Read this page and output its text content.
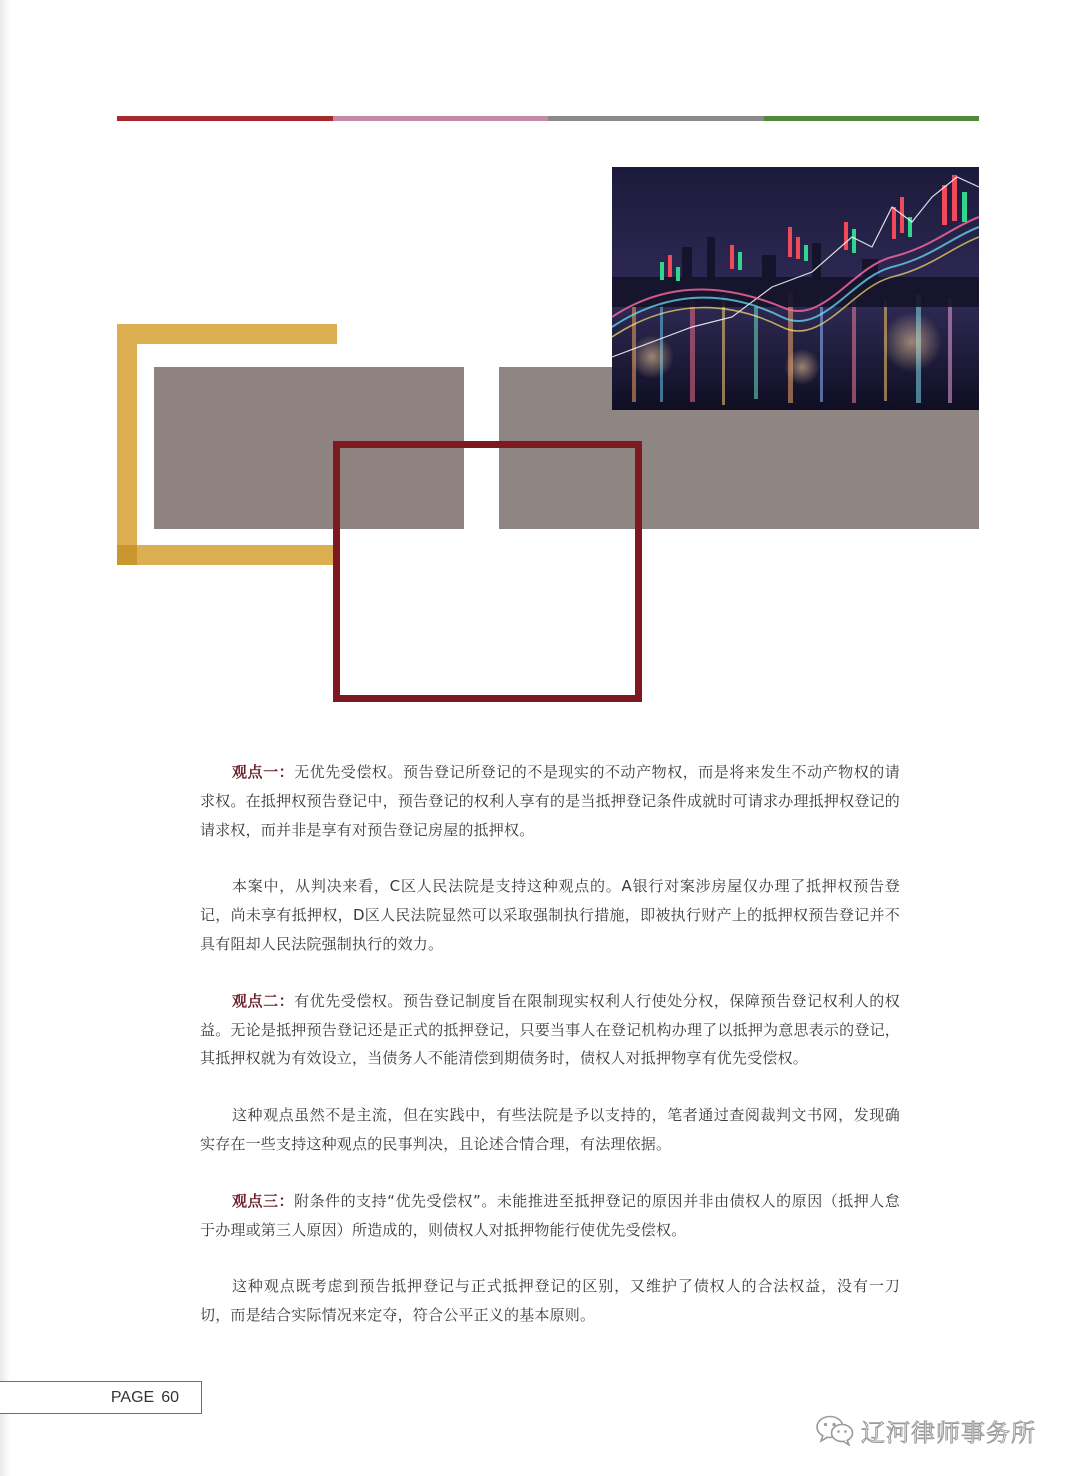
观点一：无优先受偿权。预告登记所登记的不是现实的不动产物权，而是将来发生不动产物权的请求权。在抵押权预告登记中，预告登记的权利人享有的是当抵押登记条件成就时可请求办理抵押权登记的请求权，而并非是享有对预告登记房屋的抵押权。

本案中，从判决来看，C区人民法院是支持这种观点的。A银行对案涉房屋仅办理了抵押权预告登记，尚未享有抵押权，D区人民法院显然可以采取强制执行措施，即被执行财产上的抵押权预告登记并不具有阻却人民法院强制执行的效力。

观点二：有优先受偿权。预告登记制度旨在限制现实权利人行使处分权，保障预告登记权利人的权益。无论是抵押预告登记还是正式的抵押登记，只要当事人在登记机构办理了以抵押为意思表示的登记，其抵押权就为有效设立，当债务人不能清偿到期债务时，债权人对抵押物享有优先受偿权。

这种观点虽然不是主流，但在实践中，有些法院是予以支持的，笔者通过查阅裁判文书网，发现确实存在一些支持这种观点的民事判决，且论述合情合理，有法理依据。

观点三：附条件的支持“优先受偿权”。未能推进至抵押登记的原因并非由债权人的原因（抵押人怠于办理或第三人原因）所造成的，则债权人对抵押物能行使优先受偿权。

这种观点既考虑到预告抵押登记与正式抵押登记的区别，又维护了债权人的合法权益，没有一刀切，而是结合实际情况来定夺，符合公平正义的基本原则。

PAGE 60
辽河律师事务所
